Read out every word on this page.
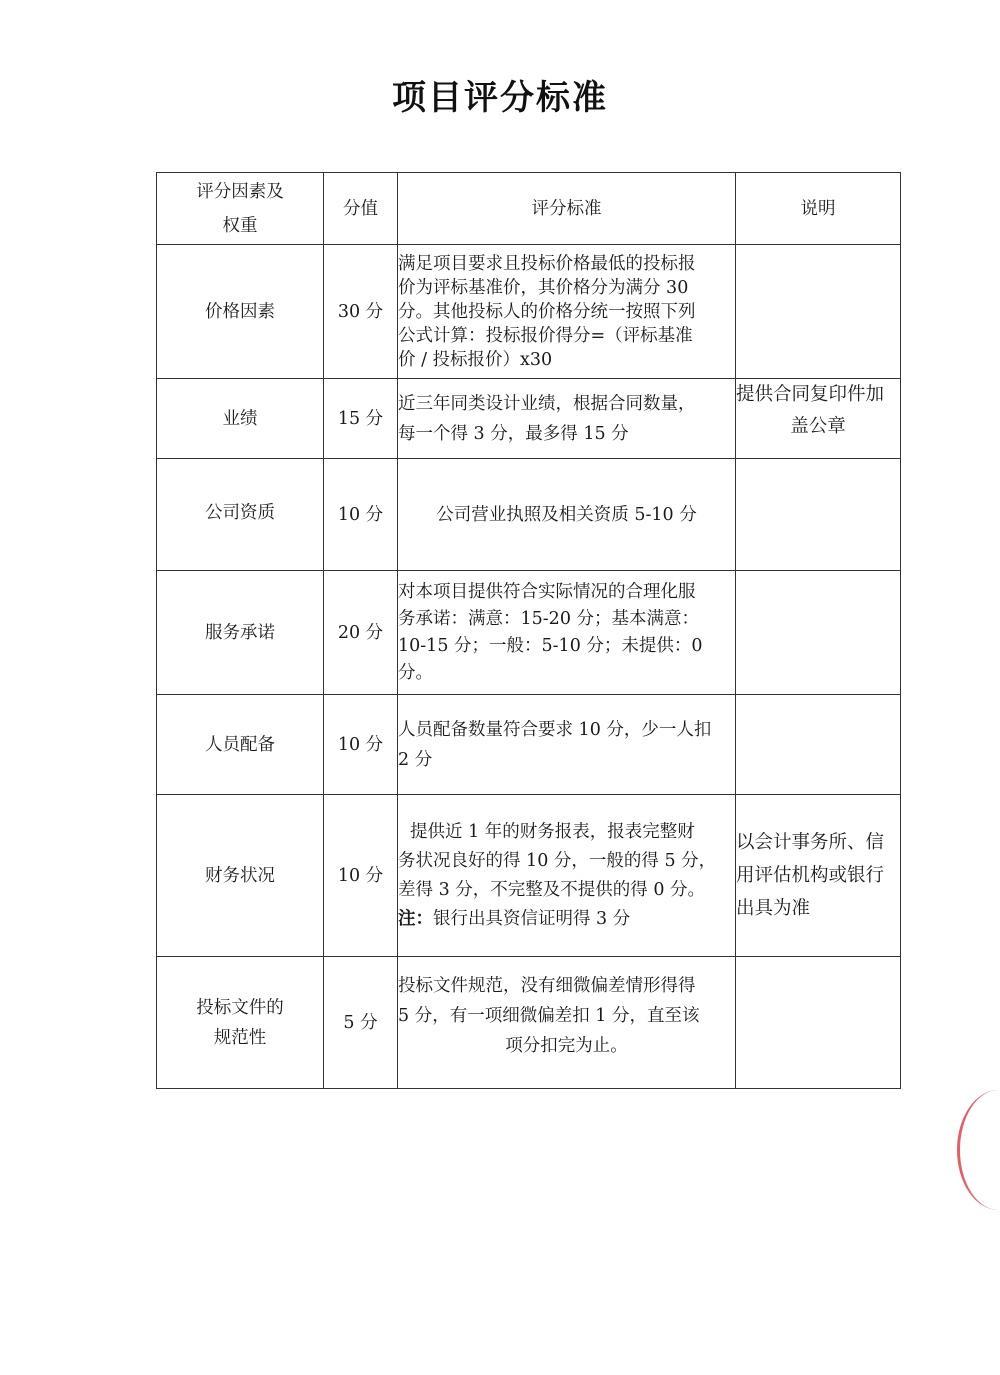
项目评分标准
评分因素及
权重	分值	评分标准	说明
价格因素	30 分	满足项目要求且投标价格最低的投标报
价为评标基准价，其价格分为满分 30
分。其他投标人的价格分统一按照下列
公式计算：投标报价得分=（评标基准
价 / 投标报价）x30	

业绩	15 分	近三年同类设计业绩，根据合同数量，
每一个得 3 分，最多得 15 分	提供合同复印件加
盖公章

公司资质	10 分	公司营业执照及相关资质 5-10 分	

服务承诺	20 分	对本项目提供符合实际情况的合理化服
务承诺：满意：15-20 分；基本满意：
10-15 分；一般：5-10 分；未提供：0
分。	

人员配备	10 分	人员配备数量符合要求 10 分，少一人扣
2 分	

财务状况	10 分	提供近 1 年的财务报表，报表完整财
务状况良好的得 10 分，一般的得 5 分，
差得 3 分，不完整及不提供的得 0 分。
注：银行出具资信证明得 3 分	以会计事务所、信
用评估机构或银行
出具为准

投标文件的
规范性	5 分	投标文件规范，没有细微偏差情形得得
5 分，有一项细微偏差扣 1 分，直至该
项分扣完为止。	
